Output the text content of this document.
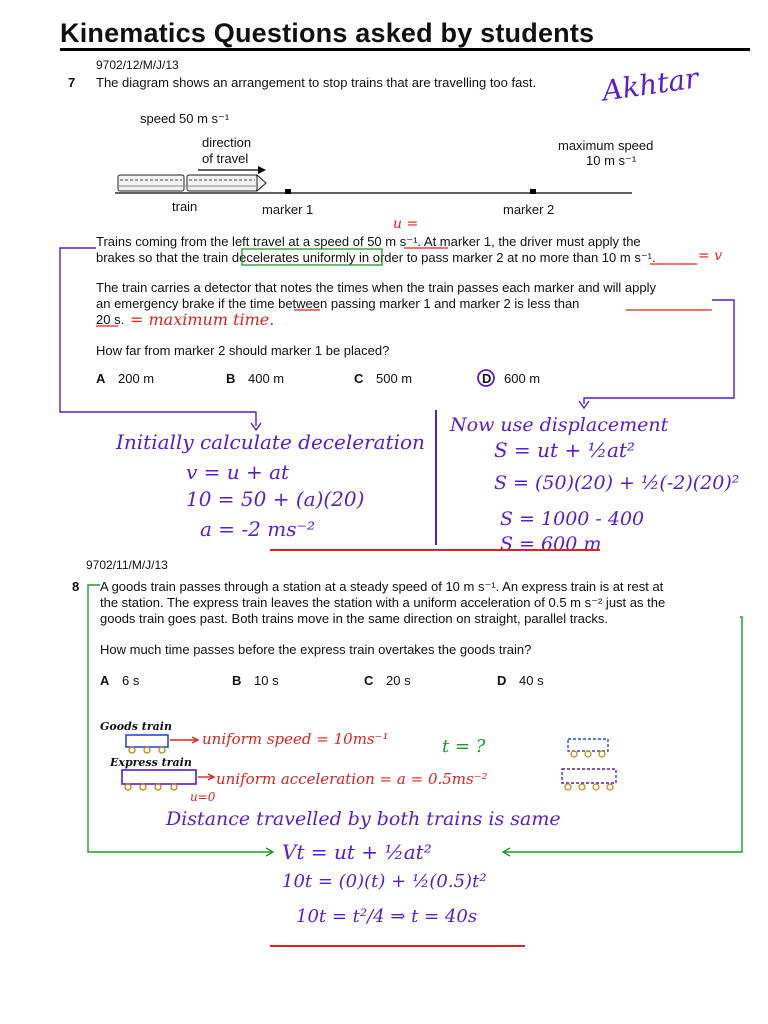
Kinematics Questions asked by students
9702/12/M/J/13
7 The diagram shows an arrangement to stop trains that are travelling too fast.
speed 50 m s⁻¹
direction
of travel
maximum speed
10 m s⁻¹
train	marker 1	marker 2
Trains coming from the left travel at a speed of 50 m s⁻¹. At marker 1, the driver must apply the
brakes so that the train decelerates uniformly in order to pass marker 2 at no more than 10 m s⁻¹.
The train carries a detector that notes the times when the train passes each marker and will apply
an emergency brake if the time between passing marker 1 and marker 2 is less than
20 s.
How far from marker 2 should marker 1 be placed?
A 200 m	B 400 m	C 500 m	D 600 m
Akhtar
u =
= v
= maximum time.
Initially calculate deceleration
v = u + at
10 = 50 + (a)(20)
a = -2 ms⁻²
Now use displacement
S = ut + ½at²
S = (50)(20) + ½(-2)(20)²
S = 1000 - 400
S = 600 m
9702/11/M/J/13
8 A goods train passes through a station at a steady speed of 10 m s⁻¹. An express train is at rest at
the station. The express train leaves the station with a uniform acceleration of 0.5 m s⁻² just as the
goods train goes past. Both trains move in the same direction on straight, parallel tracks.
How much time passes before the express train overtakes the goods train?
A 6 s	B 10 s	C 20 s	D 40 s
Goods train
Express train
u=0
uniform speed = 10ms⁻¹
uniform acceleration = a = 0.5ms⁻²
t = ?
Distance travelled by both trains is same
Vt = ut + ½at²
10t = (0)(t) + ½(0.5)t²
10t = t²/4 ⇒ t = 40s
